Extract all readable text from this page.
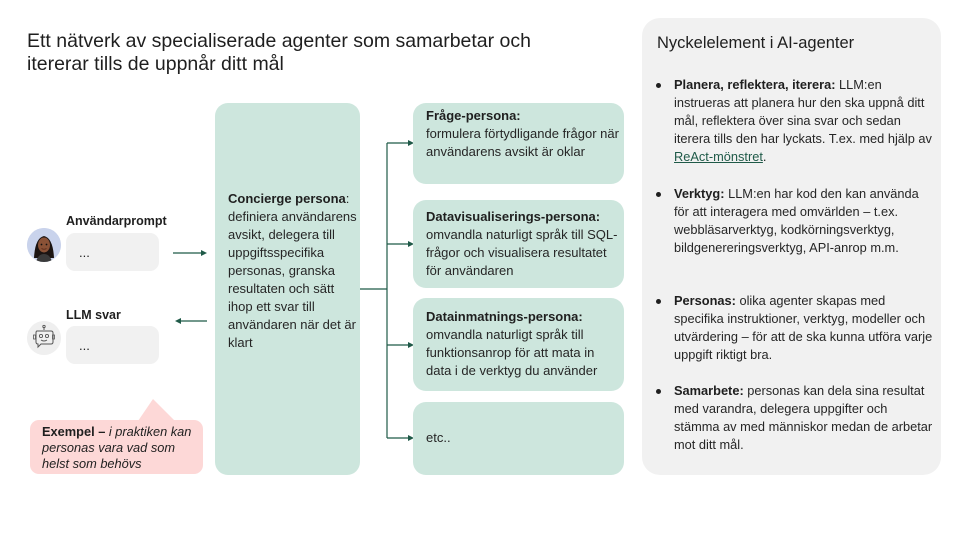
Ett nätverk av specialiserade agenter som samarbetar och itererar tills de uppnår ditt mål
Användarprompt
...
LLM svar
...
Exempel – i praktiken kan personas vara vad som helst som behövs
Concierge persona: definiera användarens avsikt, delegera till uppgiftsspecifika personas, granska resultaten och sätt ihop ett svar till användaren när det är klart
Fråge-persona:
formulera förtydligande frågor när användarens avsikt är oklar
Datavisualiserings-persona:
omvandla naturligt språk till SQL-frågor och visualisera resultatet för användaren
Datainmatnings-persona:
omvandla naturligt språk till funktionsanrop för att mata in data i de verktyg du använder
etc..
Nyckelelement i AI-agenter
Planera, reflektera, iterera: LLM:en instrueras att planera hur den ska uppnå ditt mål, reflektera över sina svar och sedan iterera tills den har lyckats. T.ex. med hjälp av ReAct-mönstret.
Verktyg: LLM:en har kod den kan använda för att interagera med omvärlden – t.ex. webbläsarverktyg, kodkörningsverktyg, bildgenereringsverktyg, API-anrop m.m.
Personas: olika agenter skapas med specifika instruktioner, verktyg, modeller och utvärdering – för att de ska kunna utföra varje uppgift riktigt bra.
Samarbete: personas kan dela sina resultat med varandra, delegera uppgifter och stämma av med människor medan de arbetar mot ditt mål.
